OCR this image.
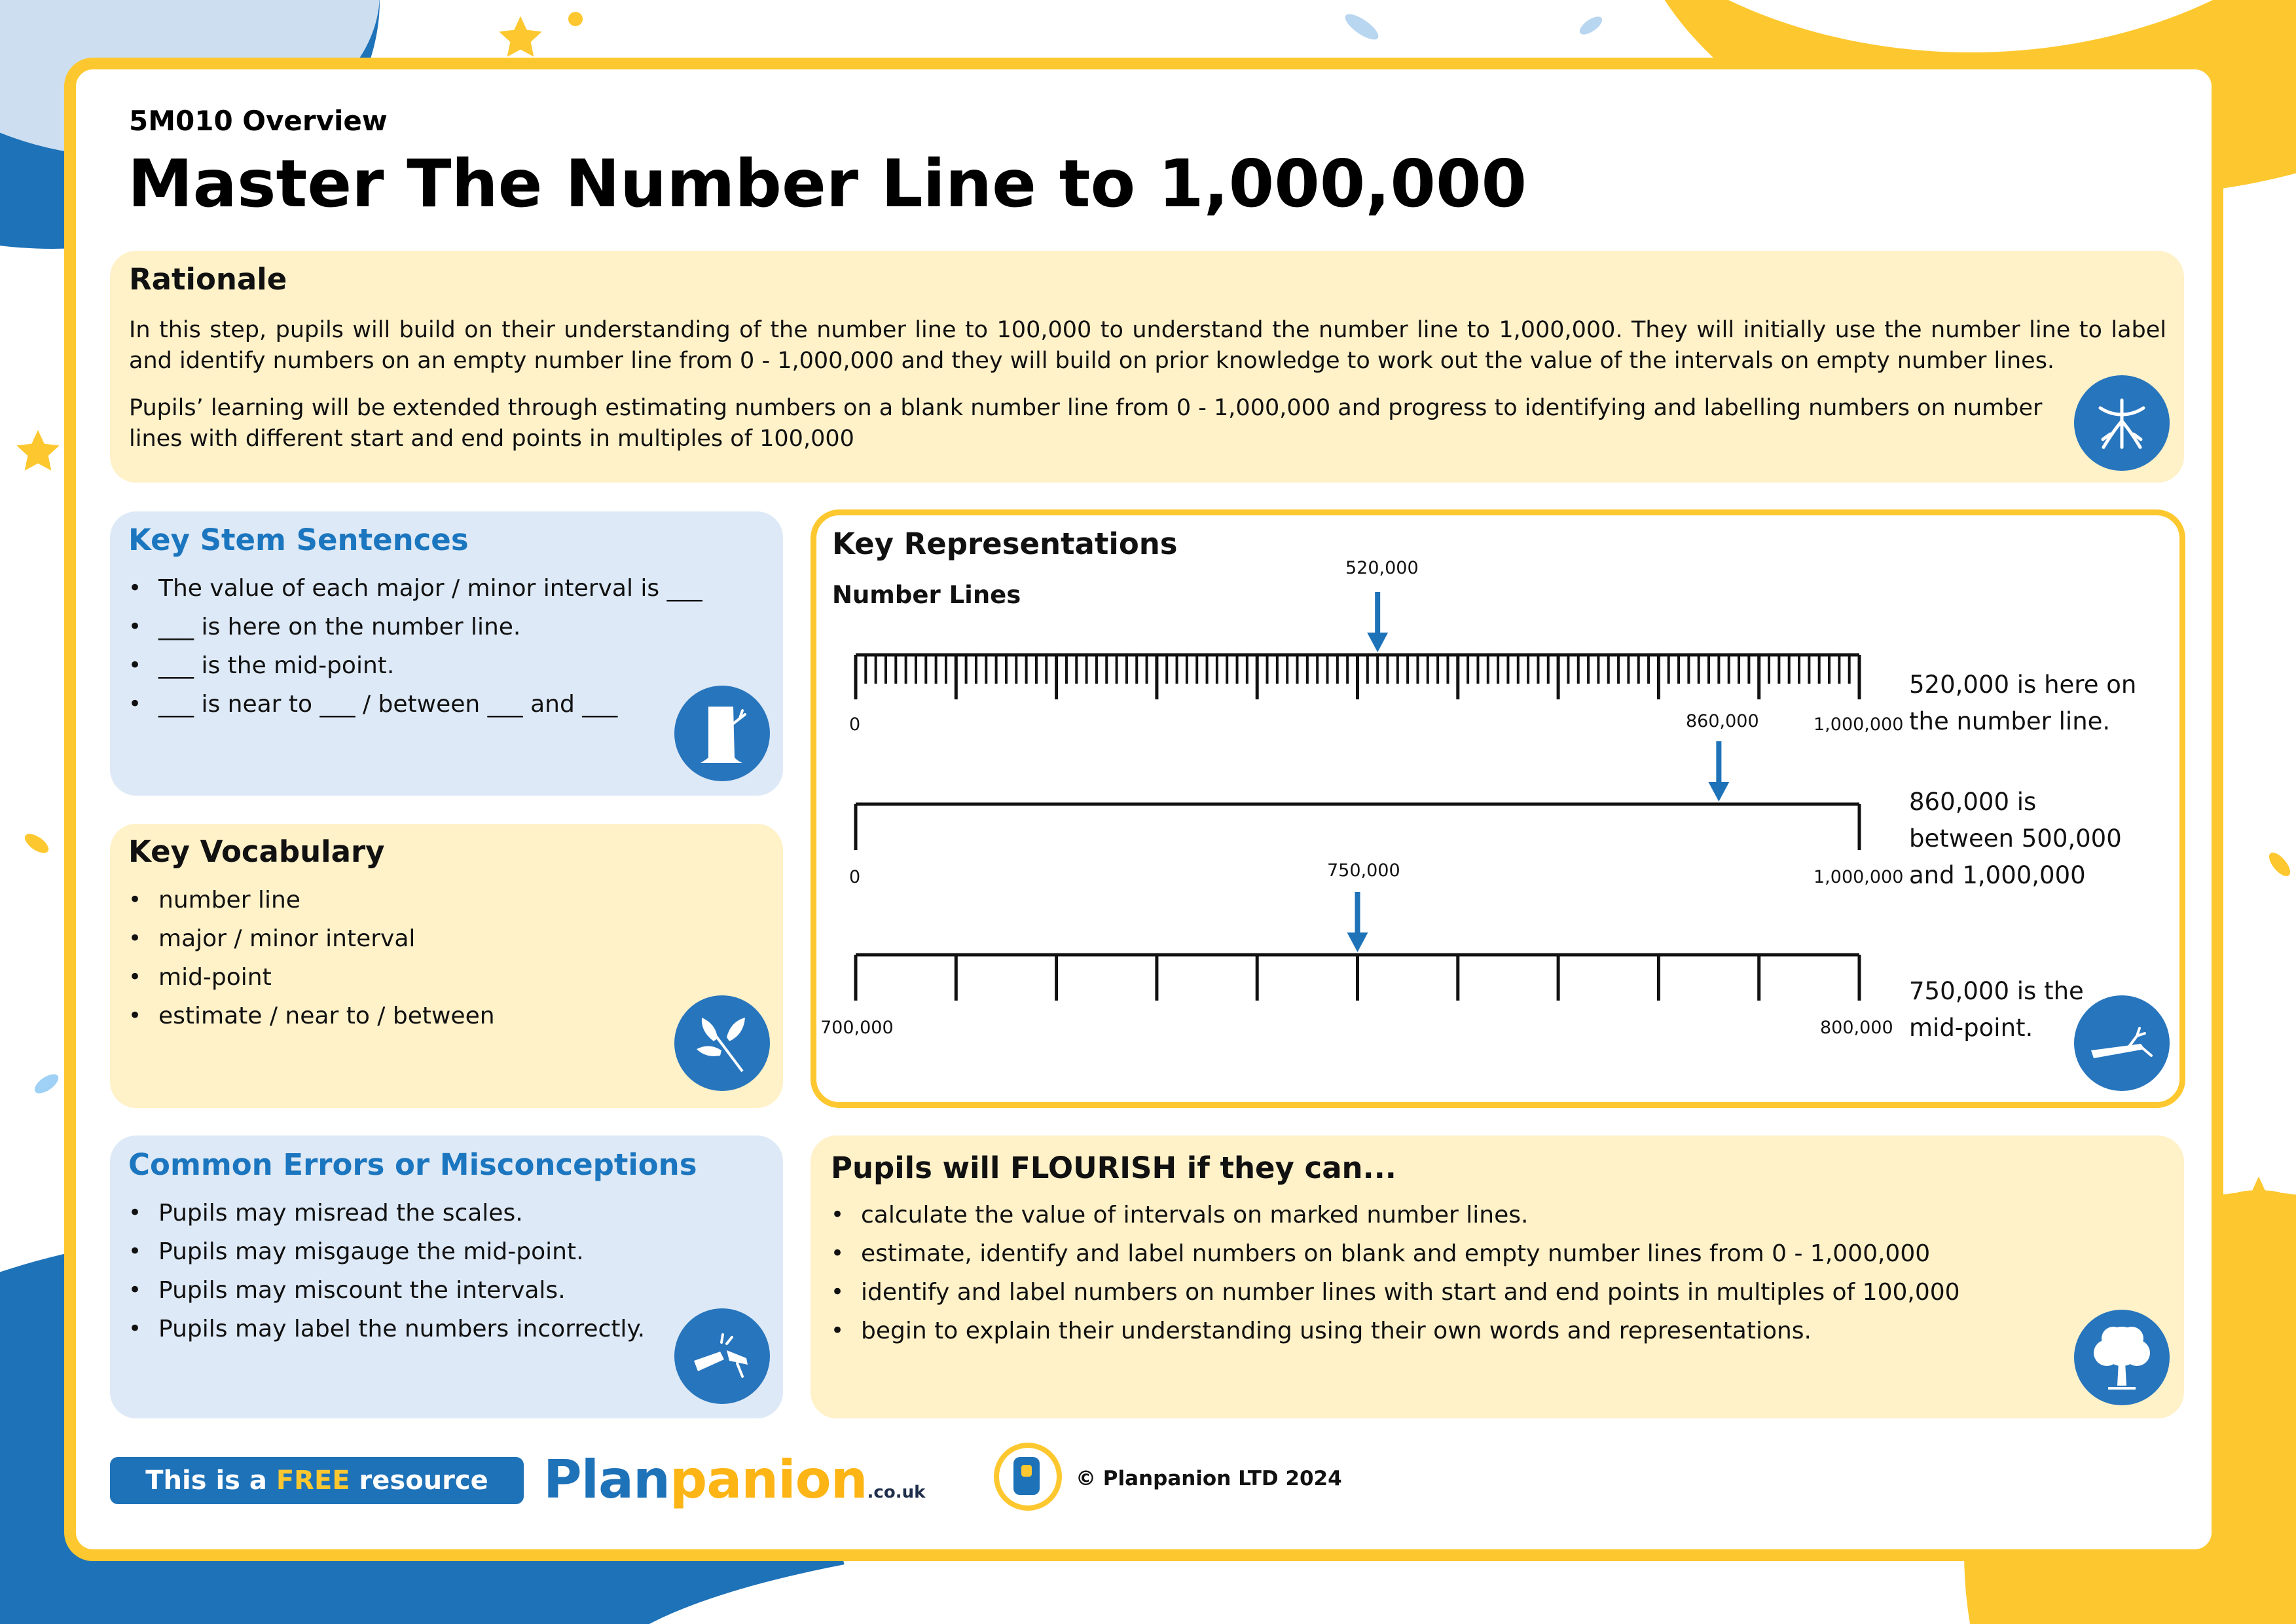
5M010 Overview
Master The Number Line to 1,000,000
Rationale
In this step, pupils will build on their understanding of the number line to 100,000 to understand the number line to 1,000,000. They will initially use the number line to label and identify numbers on an empty number line from 0 - 1,000,000 and they will build on prior knowledge to work out the value of the intervals on empty number lines.
Pupils’ learning will be extended through estimating numbers on a blank number line from 0 - 1,000,000 and progress to identifying and labelling numbers on number lines with different start and end points in multiples of 100,000
Key Stem Sentences
• The value of each major / minor interval is ___
• ___ is here on the number line.
• ___ is the mid-point.
• ___ is near to ___ / between ___ and ___
Key Vocabulary
• number line
• major / minor interval
• mid-point
• estimate / near to / between
Common Errors or Misconceptions
• Pupils may misread the scales.
• Pupils may misgauge the mid-point.
• Pupils may miscount the intervals.
• Pupils may label the numbers incorrectly.
Key Representations
Number Lines
520,000
0	1,000,000
520,000 is here on the number line.
860,000
0	1,000,000
860,000 is between 500,000 and 1,000,000
750,000
700,000	800,000
750,000 is the mid-point.
Pupils will FLOURISH if they can...
• calculate the value of intervals on marked number lines.
• estimate, identify and label numbers on blank and empty number lines from 0 - 1,000,000
• identify and label numbers on number lines with start and end points in multiples of 100,000
• begin to explain their understanding using their own words and representations.
This is a FREE resource from
Planpanion.co.uk
© Planpanion LTD 2024
